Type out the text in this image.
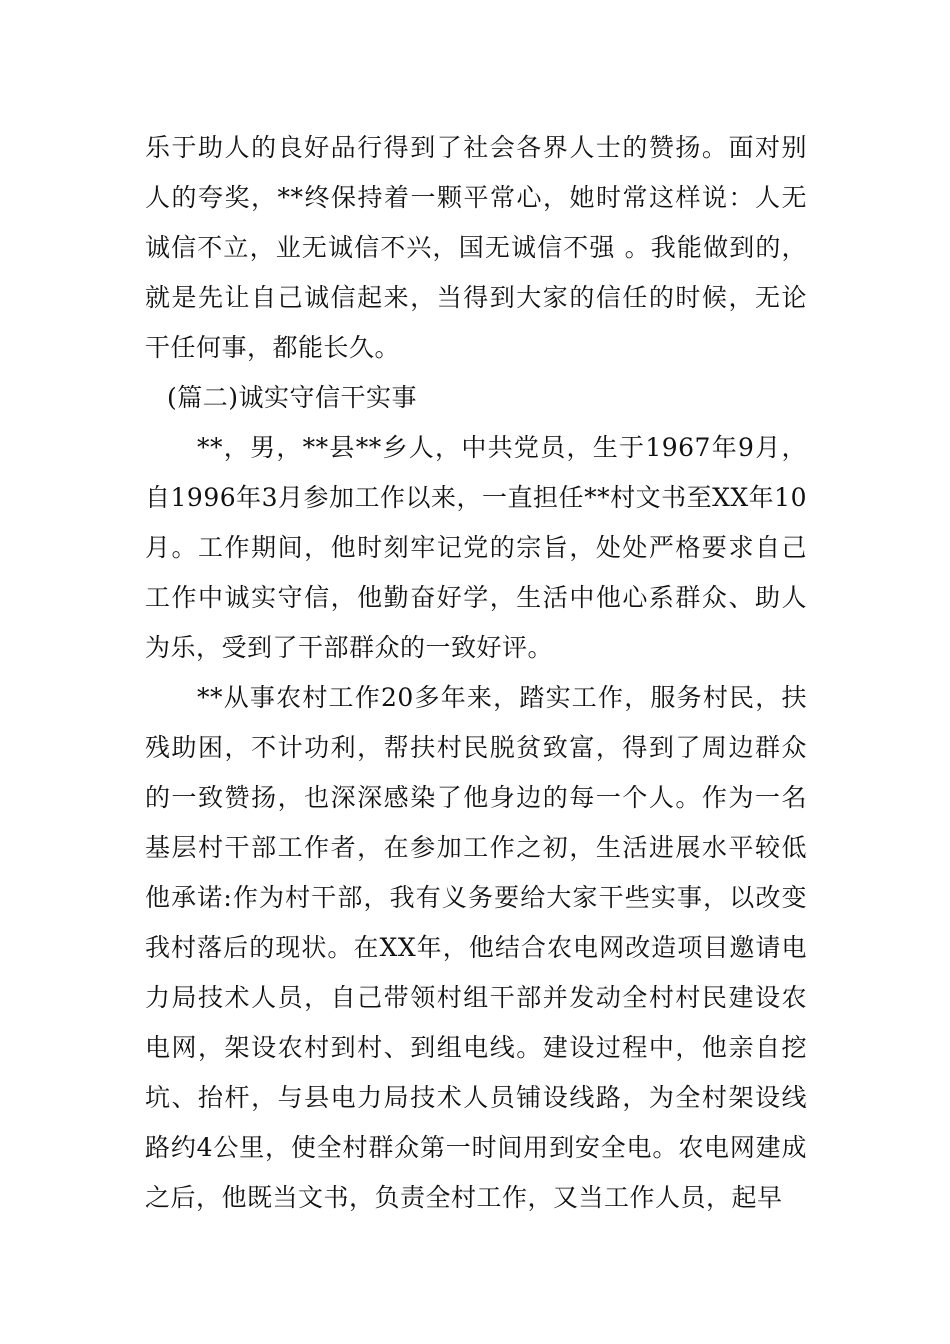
乐于助人的良好品行得到了社会各界人士的赞扬。面对别人的夸奖，**终保持着一颗平常心，她时常这样说：人无诚信不立，业无诚信不兴，国无诚信不强 。我能做到的，就是先让自己诚信起来，当得到大家的信任的时候，无论干任何事，都能长久。

(篇二)诚实守信干实事

**，男，**县**乡人，中共党员，生于1967年9月，自1996年3月参加工作以来，一直担任**村文书至XX年10月。工作期间，他时刻牢记党的宗旨，处处严格要求自己工作中诚实守信，他勤奋好学，生活中他心系群众、助人为乐，受到了干部群众的一致好评。

**从事农村工作20多年来，踏实工作，服务村民，扶残助困，不计功利，帮扶村民脱贫致富，得到了周边群众的一致赞扬，也深深感染了他身边的每一个人。作为一名基层村干部工作者，在参加工作之初，生活进展水平较低他承诺:作为村干部，我有义务要给大家干些实事，以改变我村落后的现状。在XX年，他结合农电网改造项目邀请电力局技术人员，自己带领村组干部并发动全村村民建设农电网，架设农村到村、到组电线。建设过程中，他亲自挖坑、抬杆，与县电力局技术人员铺设线路，为全村架设线路约4公里，使全村群众第一时间用到安全电。农电网建成之后，他既当文书，负责全村工作，又当工作人员，起早
